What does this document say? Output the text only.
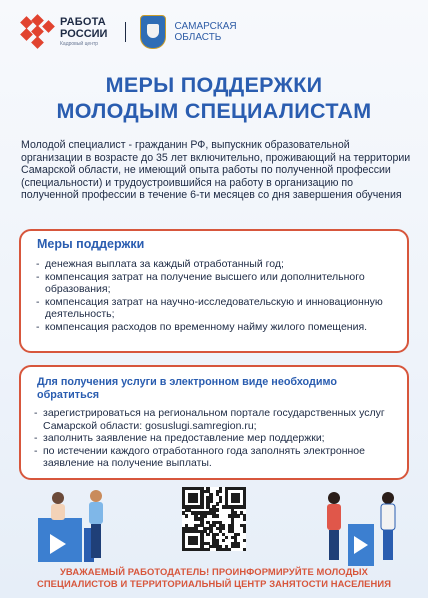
РАБОТА
РОССИИ
Кадровый центр
САМАРСКАЯ
ОБЛАСТЬ
МЕРЫ ПОДДЕРЖКИ
МОЛОДЫМ СПЕЦИАЛИСТАМ

Молодой специалист - гражданин РФ, выпускник образовательной организации в возрасте до 35 лет включительно, проживающий на территории Самарской области, не имеющий опыта работы по полученной профессии (специальности) и трудоустроившийся на работу в организацию по полученной профессии в течение 6-ти месяцев со дня завершения обучения

Меры поддержки
- денежная выплата за каждый отработанный год;
- компенсация затрат на получение высшего или дополнительного образования;
- компенсация затрат на научно-исследовательскую и инновационную деятельность;
- компенсация расходов по временному найму жилого помещения.
Для получения услуги в электронном виде необходимо обратиться
- зарегистрироваться на региональном портале государственных услуг Самарской области: gosuslugi.samregion.ru;
- заполнить заявление на предоставление мер поддержки;
- по истечении каждого отработанного года заполнять электронное заявление на получение выплаты.
УВАЖАЕМЫЙ РАБОТОДАТЕЛЬ! ПРОИНФОРМИРУЙТЕ МОЛОДЫХ
СПЕЦИАЛИСТОВ И ТЕРРИТОРИАЛЬНЫЙ ЦЕНТР ЗАНЯТОСТИ НАСЕЛЕНИЯ
